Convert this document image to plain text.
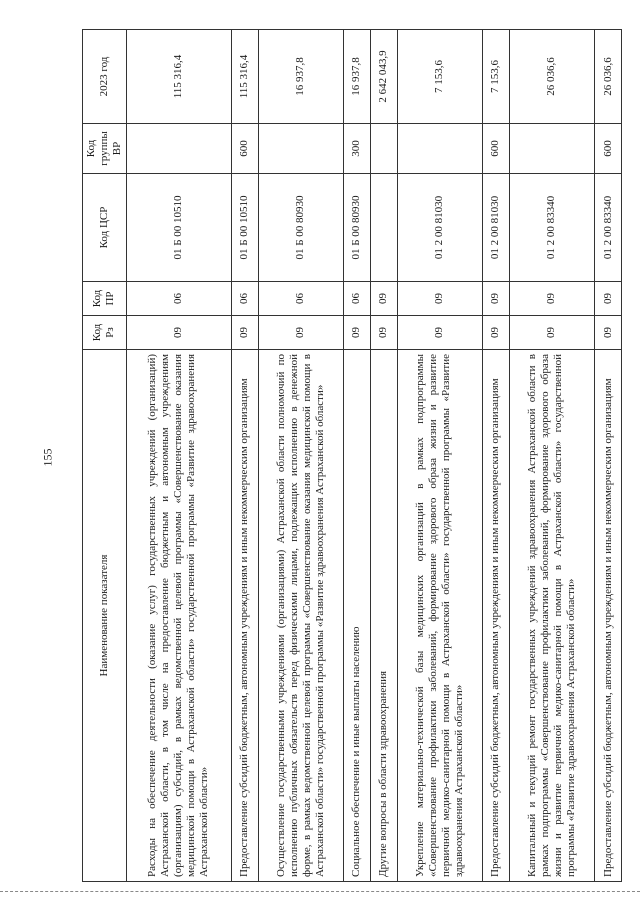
155
Наименование показателя	Код Рз	Код ПР	Код ЦСР	Код группы ВР	2023 год
Расходы на обеспечение деятельности (оказание услуг) государственных учреждений (организаций) Астраханской области, в том числе на предоставление бюджетным и автономным учреждениям (организациям) субсидий, в рамках ведомственной целевой программы «Совершенствование оказания медицинской помощи в Астраханской области» государственной программы «Развитие здравоохранения Астраханской области»	09	06	01 Б 00 10510		115 316,4
Предоставление субсидий бюджетным, автономным учреждениям и иным некоммерческим организациям	09	06	01 Б 00 10510	600	115 316,4
Осуществление государственными учреждениями (организациями) Астраханской области полномочий по исполнению публичных обязательств перед физическими лицами, подлежащих исполнению в денежной форме, в рамках ведомственной целевой программы «Совершенствование оказания медицинской помощи в Астраханской области» государственной программы «Развитие здравоохранения Астраханской области»	09	06	01 Б 00 80930		16 937,8
Социальное обеспечение и иные выплаты населению	09	06	01 Б 00 80930	300	16 937,8
Другие вопросы в области здравоохранения	09	09			2 642 043,9
Укрепление материально-технической базы медицинских организаций в рамках подпрограммы «Совершенствование профилактики заболеваний, формирование здорового образа жизни и развитие первичной медико-санитарной помощи в Астраханской области» государственной программы «Развитие здравоохранения Астраханской области»	09	09	01 2 00 81030		7 153,6
Предоставление субсидий бюджетным, автономным учреждениям и иным некоммерческим организациям	09	09	01 2 00 81030	600	7 153,6
Капитальный и текущий ремонт государственных учреждений здравоохранения Астраханской области в рамках подпрограммы «Совершенствование профилактики заболеваний, формирование здорового образа жизни и развитие первичной медико-санитарной помощи в Астраханской области» государственной программы «Развитие здравоохранения Астраханской области»	09	09	01 2 00 83340		26 036,6
Предоставление субсидий бюджетным, автономным учреждениям и иным некоммерческим организациям	09	09	01 2 00 83340	600	26 036,6
